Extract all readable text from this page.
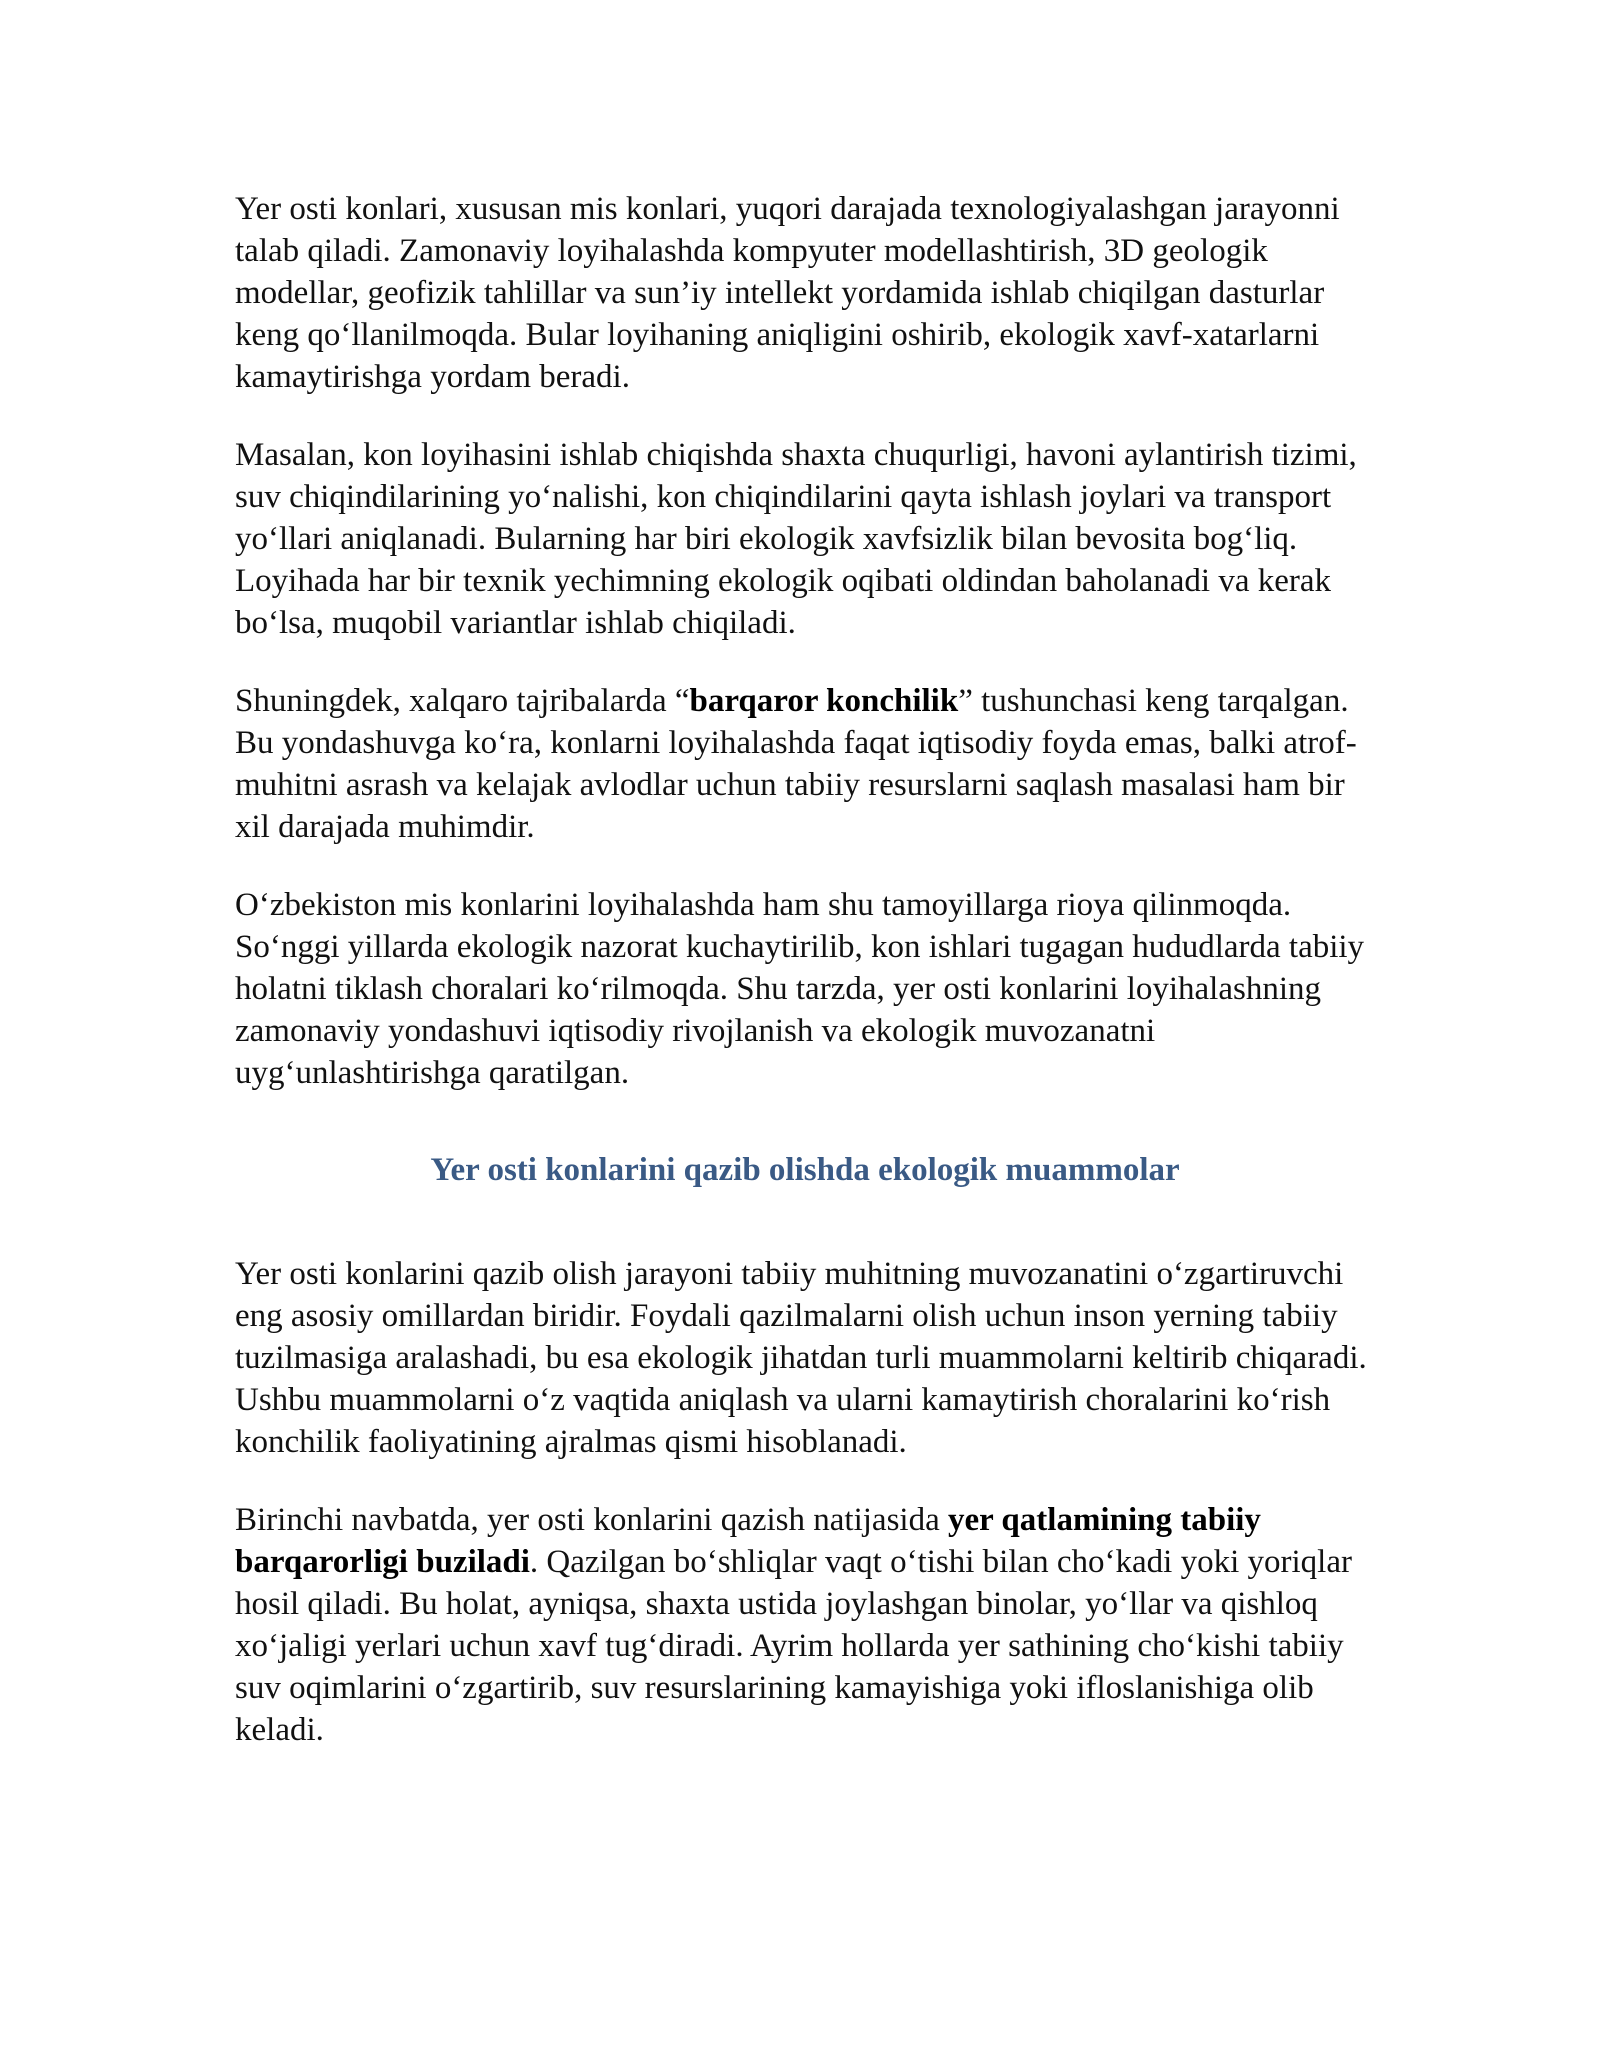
Yer osti konlari, xususan mis konlari, yuqori darajada texnologiyalashgan jarayonni talab qiladi. Zamonaviy loyihalashda kompyuter modellashtirish, 3D geologik modellar, geofizik tahlillar va sun’iy intellekt yordamida ishlab chiqilgan dasturlar keng qo‘llanilmoqda. Bular loyihaning aniqligini oshirib, ekologik xavf-xatarlarni kamaytirishga yordam beradi.

Masalan, kon loyihasini ishlab chiqishda shaxta chuqurligi, havoni aylantirish tizimi, suv chiqindilarining yo‘nalishi, kon chiqindilarini qayta ishlash joylari va transport yo‘llari aniqlanadi. Bularning har biri ekologik xavfsizlik bilan bevosita bog‘liq. Loyihada har bir texnik yechimning ekologik oqibati oldindan baholanadi va kerak bo‘lsa, muqobil variantlar ishlab chiqiladi.

Shuningdek, xalqaro tajribalarda “barqaror konchilik” tushunchasi keng tarqalgan. Bu yondashuvga ko‘ra, konlarni loyihalashda faqat iqtisodiy foyda emas, balki atrof-muhitni asrash va kelajak avlodlar uchun tabiiy resurslarni saqlash masalasi ham bir xil darajada muhimdir.

O‘zbekiston mis konlarini loyihalashda ham shu tamoyillarga rioya qilinmoqda. So‘nggi yillarda ekologik nazorat kuchaytirilib, kon ishlari tugagan hududlarda tabiiy holatni tiklash choralari ko‘rilmoqda. Shu tarzda, yer osti konlarini loyihalashning zamonaviy yondashuvi iqtisodiy rivojlanish va ekologik muvozanatni uyg‘unlashtirishga qaratilgan.

Yer osti konlarini qazib olishda ekologik muammolar

Yer osti konlarini qazib olish jarayoni tabiiy muhitning muvozanatini o‘zgartiruvchi eng asosiy omillardan biridir. Foydali qazilmalarni olish uchun inson yerning tabiiy tuzilmasiga aralashadi, bu esa ekologik jihatdan turli muammolarni keltirib chiqaradi. Ushbu muammolarni o‘z vaqtida aniqlash va ularni kamaytirish choralarini ko‘rish konchilik faoliyatining ajralmas qismi hisoblanadi.

Birinchi navbatda, yer osti konlarini qazish natijasida yer qatlamining tabiiy barqarorligi buziladi. Qazilgan bo‘shliqlar vaqt o‘tishi bilan cho‘kadi yoki yoriqlar hosil qiladi. Bu holat, ayniqsa, shaxta ustida joylashgan binolar, yo‘llar va qishloq xo‘jaligi yerlari uchun xavf tug‘diradi. Ayrim hollarda yer sathining cho‘kishi tabiiy suv oqimlarini o‘zgartirib, suv resurslarining kamayishiga yoki ifloslanishiga olib keladi.
